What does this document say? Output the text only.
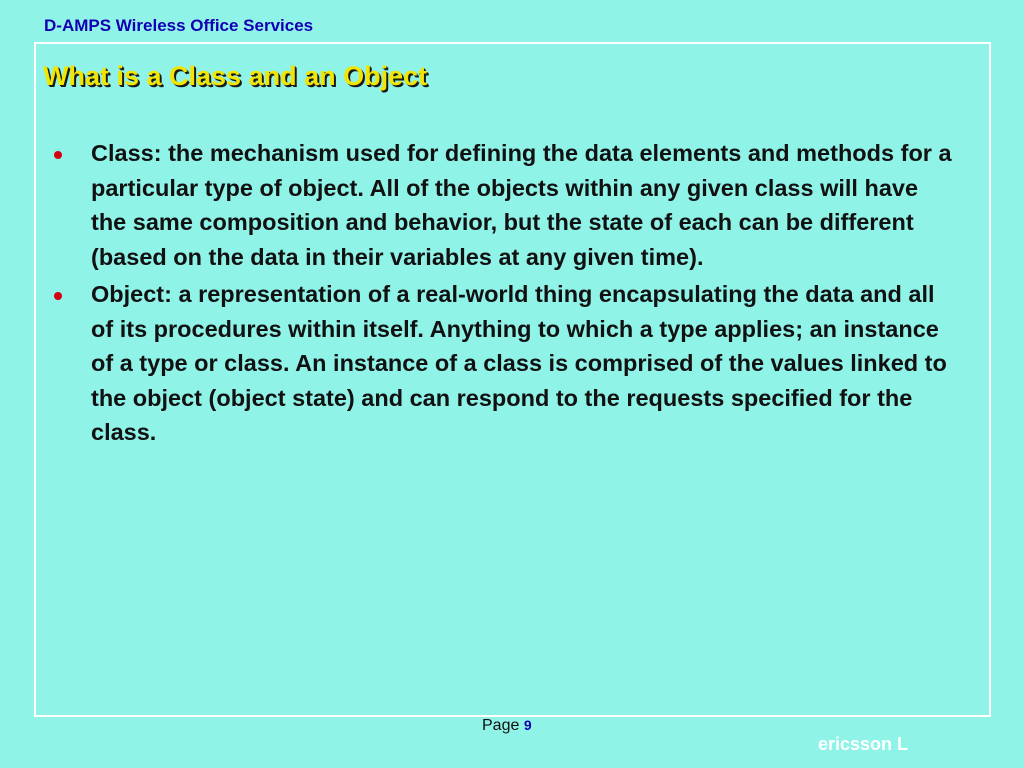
D-AMPS Wireless Office Services
What is a Class and an Object
Class: the mechanism used for defining the data elements and methods for a particular type of object. All of the objects within any given class will have the same composition and behavior, but the state of each can be different (based on the data in their variables at any given time).
Object: a representation of a real-world thing encapsulating the data and all of its procedures within itself. Anything to which a type applies; an instance of a type or class. An instance of a class is comprised of the values linked to the object (object state) and can respond to the requests specified for the class.
Page 9
ericsson L
